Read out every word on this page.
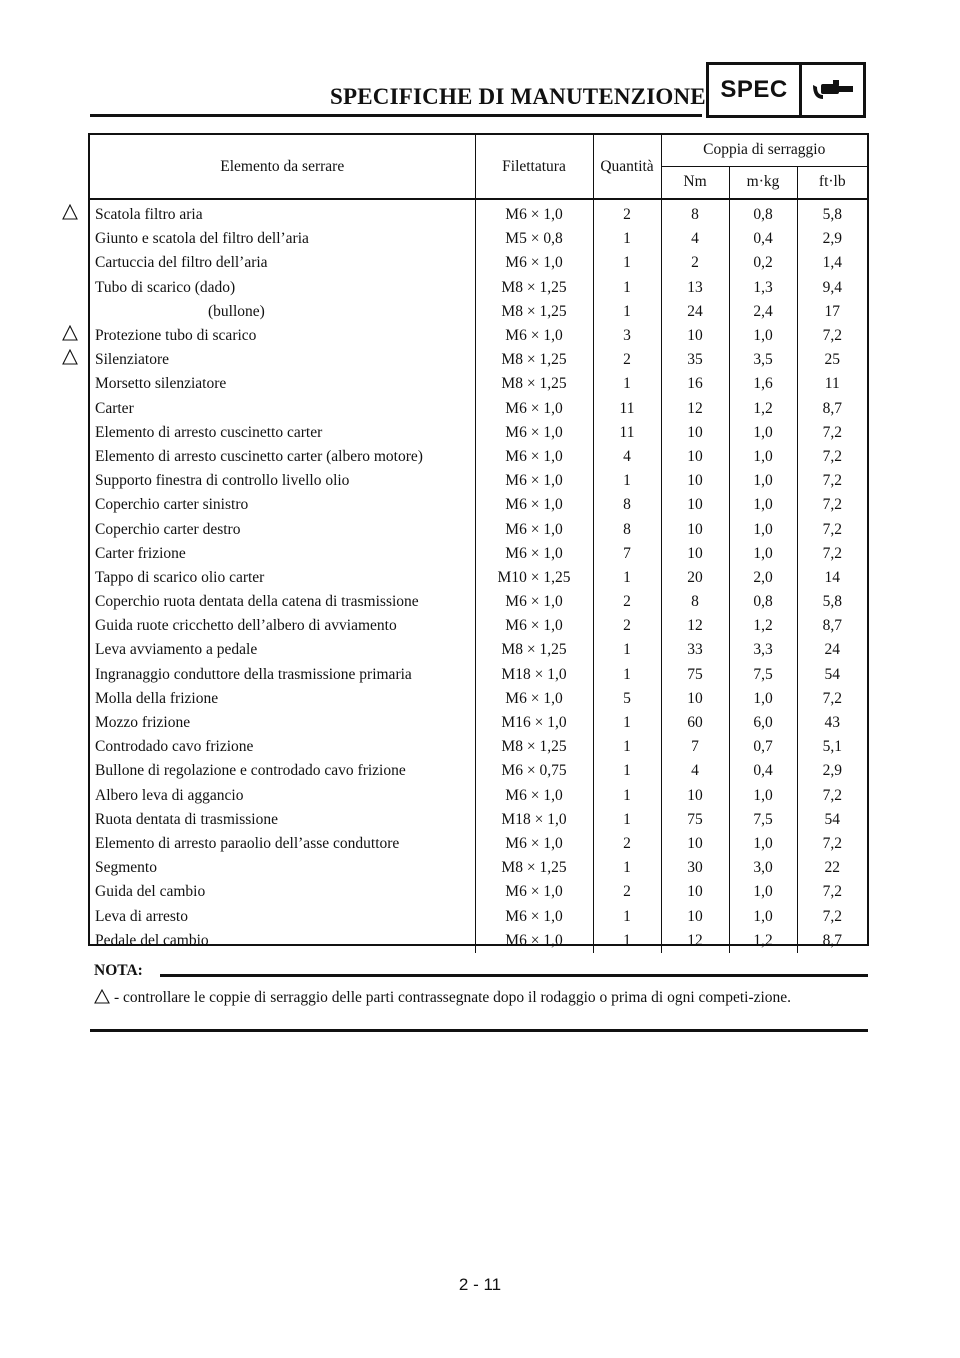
SPECIFICHE DI MANUTENZIONE SPEC
Elemento da serrare	Filettatura	Quantità	Coppia di serraggio		
			Nm	m·kg	ft·lb
Scatola filtro aria	M6 × 1,0	2	8	0,8	5,8
Giunto e scatola del filtro dell’aria	M5 × 0,8	1	4	0,4	2,9
Cartuccia del filtro dell’aria	M6 × 1,0	1	2	0,2	1,4
Tubo di scarico (dado)	M8 × 1,25	1	13	1,3	9,4
(bullone)	M8 × 1,25	1	24	2,4	17
Protezione tubo di scarico	M6 × 1,0	3	10	1,0	7,2
Silenziatore	M8 × 1,25	2	35	3,5	25
Morsetto silenziatore	M8 × 1,25	1	16	1,6	11
Carter	M6 × 1,0	11	12	1,2	8,7
Elemento di arresto cuscinetto carter	M6 × 1,0	11	10	1,0	7,2
Elemento di arresto cuscinetto carter (albero motore)	M6 × 1,0	4	10	1,0	7,2
Supporto finestra di controllo livello olio	M6 × 1,0	1	10	1,0	7,2
Coperchio carter sinistro	M6 × 1,0	8	10	1,0	7,2
Coperchio carter destro	M6 × 1,0	8	10	1,0	7,2
Carter frizione	M6 × 1,0	7	10	1,0	7,2
Tappo di scarico olio carter	M10 × 1,25	1	20	2,0	14
Coperchio ruota dentata della catena di trasmissione	M6 × 1,0	2	8	0,8	5,8
Guida ruote cricchetto dell’albero di avviamento	M6 × 1,0	2	12	1,2	8,7
Leva avviamento a pedale	M8 × 1,25	1	33	3,3	24
Ingranaggio conduttore della trasmissione primaria	M18 × 1,0	1	75	7,5	54
Molla della frizione	M6 × 1,0	5	10	1,0	7,2
Mozzo frizione	M16 × 1,0	1	60	6,0	43
Controdado cavo frizione	M8 × 1,25	1	7	0,7	5,1
Bullone di regolazione e controdado cavo frizione	M6 × 0,75	1	4	0,4	2,9
Albero leva di aggancio	M6 × 1,0	1	10	1,0	7,2
Ruota dentata di trasmissione	M18 × 1,0	1	75	7,5	54
Elemento di arresto paraolio dell’asse conduttore	M6 × 1,0	2	10	1,0	7,2
Segmento	M8 × 1,25	1	30	3,0	22
Guida del cambio	M6 × 1,0	2	10	1,0	7,2
Leva di arresto	M6 × 1,0	1	10	1,0	7,2
Pedale del cambio	M6 × 1,0	1	12	1,2	8,7
NOTA:
- controllare le coppie di serraggio delle parti contrassegnate dopo il rodaggio o prima di ogni competi-zione.
2 - 11
